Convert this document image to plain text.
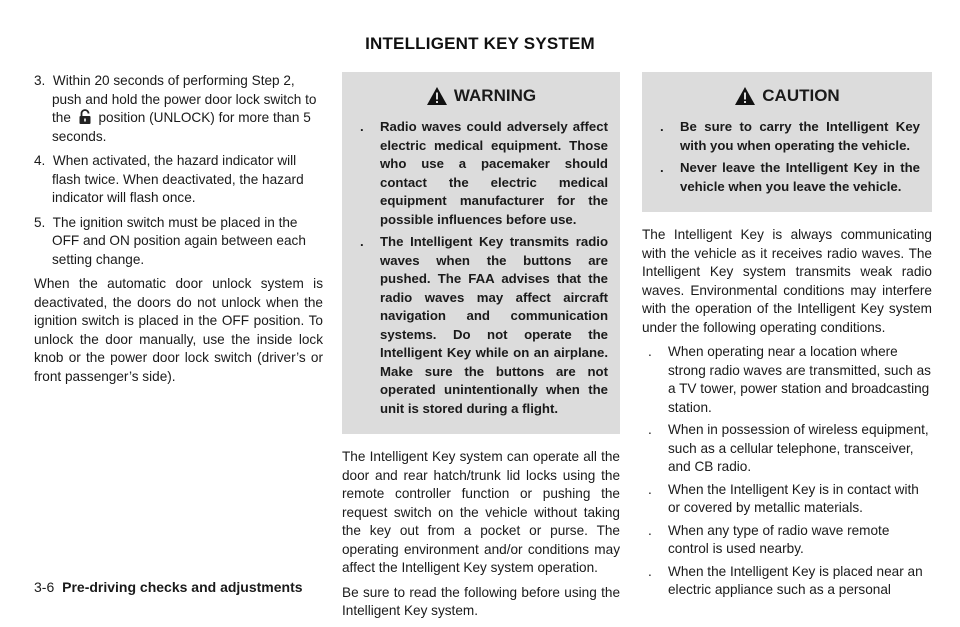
INTELLIGENT KEY SYSTEM
3. Within 20 seconds of performing Step 2, push and hold the power door lock switch to the position (UNLOCK) for more than 5 seconds.
4. When activated, the hazard indicator will flash twice. When deactivated, the hazard indicator will flash once.
5. The ignition switch must be placed in the OFF and ON position again between each setting change.

When the automatic door unlock system is deactivated, the doors do not unlock when the ignition switch is placed in the OFF position. To unlock the door manually, use the inside lock knob or the power door lock switch (driver’s or front passenger’s side).

WARNING
. Radio waves could adversely affect electric medical equipment. Those who use a pacemaker should contact the electric medical equipment manufacturer for the possible influences before use.
. The Intelligent Key transmits radio waves when the buttons are pushed. The FAA advises that the radio waves may affect aircraft navigation and communication systems. Do not operate the Intelligent Key while on an airplane. Make sure the buttons are not operated unintentionally when the unit is stored during a flight.

The Intelligent Key system can operate all the door and rear hatch/trunk lid locks using the remote controller function or pushing the request switch on the vehicle without taking the key out from a pocket or purse. The operating environment and/or conditions may affect the Intelligent Key system operation.

Be sure to read the following before using the Intelligent Key system.

CAUTION
. Be sure to carry the Intelligent Key with you when operating the vehicle.
. Never leave the Intelligent Key in the vehicle when you leave the vehicle.

The Intelligent Key is always communicating with the vehicle as it receives radio waves. The Intelligent Key system transmits weak radio waves. Environmental conditions may interfere with the operation of the Intelligent Key system under the following operating conditions.

. When operating near a location where strong radio waves are transmitted, such as a TV tower, power station and broadcasting station.
. When in possession of wireless equipment, such as a cellular telephone, transceiver, and CB radio.
. When the Intelligent Key is in contact with or covered by metallic materials.
. When any type of radio wave remote control is used nearby.
. When the Intelligent Key is placed near an electric appliance such as a personal
3-6 Pre-driving checks and adjustments
